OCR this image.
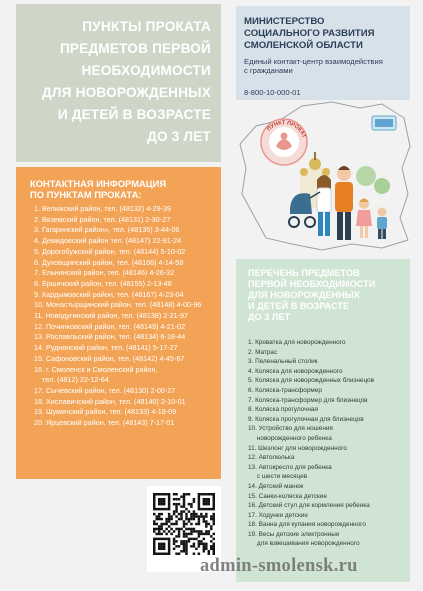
ПУНКТЫ ПРОКАТА
ПРЕДМЕТОВ ПЕРВОЙ
НЕОБХОДИМОСТИ
ДЛЯ НОВОРОЖДЕННЫХ
И ДЕТЕЙ В ВОЗРАСТЕ
ДО 3 ЛЕТ
МИНИСТЕРСТВО
СОЦИАЛЬНОГО РАЗВИТИЯ
СМОЛЕНСКОЙ ОБЛАСТИ
Единый контакт-центр взаимодействия
с гражданами
8-800-10-000-01
ПУНКТ ПРОКАТ
КОНТАКТНАЯ ИНФОРМАЦИЯ
ПО ПУНКТАМ ПРОКАТА:
1. Велижский район, тел. (48132) 4-29-39
2. Вяземский район, тел. (48131) 2-30-27
3. Гагаринский район», тел. (48135) 3-44-06
4. Демидовский район тел. (48147) 22-91-24
5. Дорогобужский район, тел. (48144) 5-10-02
6. Духовщинский район, тел. (48166) 4-14-58
7. Ельнинский район, тел. (48146) 4-26-32
8. Ершичский район, тел. (48155) 2-13-48
9. Кардымовский район, тел. (48167) 4-23-04
10. Монастырщинский район, тел. (48148) 4-00-96
11. Новодугинский район, тел. (48138) 2-21-97
12. Починковский район, тел. (48149) 4-21-02
13. Рославльский район, тел. (48134) 6-18-44
14. Руднянский район, тел. (48141) 5-17-27
15. Сафоновский район, тел. (48142) 4-45-67
16. г. Смоленск и Смоленский район,
тел. (4812) 22-12-64
17. Сычевский район, тел. (48130) 2-00-27
18. Хиславичский район, тел. (48140) 2-10-01
19. Шумячский район, тел. (48133) 4-18-09
20. Ярцевский район, тел. (48143) 7-17-01
ПЕРЕЧЕНЬ ПРЕДМЕТОВ
ПЕРВОЙ НЕОБХОДИМОСТИ
ДЛЯ НОВОРОЖДЕННЫХ
И ДЕТЕЙ В ВОЗРАСТЕ
ДО 3 ЛЕТ
1. Кроватка для новорожденного
2. Матрас
3. Пеленальный столик
4. Коляска для новорожденного
5. Коляска для новорожденных близнецов
6. Коляска-трансформер
7. Коляска-трансформер для близнецов
8. Коляска прогулочная
9. Коляска прогулочная для близнецов
10. Устройство для ношения
новорожденного ребенка
11. Шезлонг для новорожденного
12. Автолюлька
13. Автокресло для ребенка
с шести месяцев
14. Детский манеж
15. Санки-коляска детские
16. Детский стул для кормления ребенка
17. Ходунки детские
18. Ванна для купания новорожденного
19. Весы детские электронные
для взвешивания новорожденного
admin-smolensk.ru
